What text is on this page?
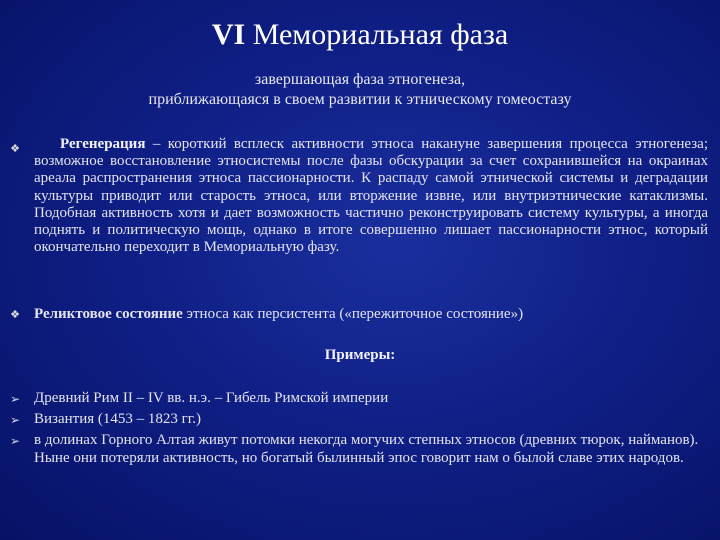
VI Мемориальная фаза
завершающая фаза этногенеза,
приближающаяся в своем развитии к этническому гомеостазу
❖	Регенерация – короткий всплеск активности этноса накануне завершения процесса этногенеза; возможное восстановление этносистемы после фазы обскурации за счет сохранившейся на окраинах ареала распространения этноса пассионарности. К распаду самой этнической системы и деградации культуры приводит или старость этноса, или вторжение извне, или внутриэтнические катаклизмы. Подобная активность хотя и дает возможность частично реконструировать систему культуры, а иногда поднять и политическую мощь, однако в итоге совершенно лишает пассионарности этнос, который окончательно переходит в Мемориальную фазу.
❖ Реликтовое состояние этноса как персистента («пережиточное состояние»)
Примеры:
➢ Древний Рим II – IV вв. н.э. – Гибель Римской империи
➢ Византия (1453 – 1823 гг.)
➢ в долинах Горного Алтая живут потомки некогда могучих степных этносов (древних тюрок, найманов). Ныне они потеряли активность, но богатый былинный эпос говорит нам о былой славе этих народов.
